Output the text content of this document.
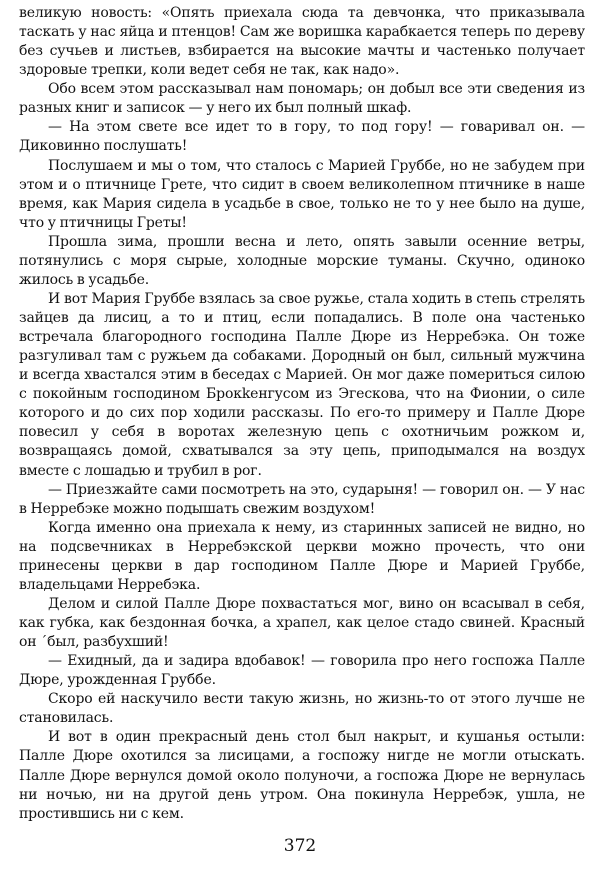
великую новость: «Опять приехала сюда та девчонка, что приказывала таскать у нас яйца и птенцов! Сам же воришка карабкается теперь по дереву без сучьев и листьев, взбирается на высокие мачты и частенько получает здоровые трепки, коли ведет себя не так, как надо».

Обо всем этом рассказывал нам пономарь; он добыл все эти сведения из разных книг и записок — у него их был полный шкаф.

— На этом свете все идет то в гору, то под гору! — говаривал он. — Диковинно послушать!

Послушаем и мы о том, что сталось с Марией Груббе, но не забудем при этом и о птичнице Грете, что сидит в своем великолепном птичнике в наше время, как Мария сидела в усадьбе в свое, только не то у нее было на душе, что у птичницы Греты!

Прошла зима, прошли весна и лето, опять завыли осенние ветры, потянулись с моря сырые, холодные морские туманы. Скучно, одиноко жилось в усадьбе.

И вот Мария Груббе взялась за свое ружье, стала ходить в степь стрелять зайцев да лисиц, а то и птиц, если попадались. В поле она частенько встречала благородного господина Палле Дюре из Нерребэка. Он тоже разгуливал там с ружьем да собаками. Дородный он был, сильный мужчина и всегда хвастался этим в беседах с Марией. Он мог даже помериться силою с покойным господином Брокkенгусом из Эгескова, что на Фионии, о силе которого и до сих пор ходили рассказы. По его-то примеру и Палле Дюре повесил у себя в воротах железную цепь с охотничьим рожком и, возвращаясь домой, схватывался за эту цепь, приподымался на воздух вместе с лошадью и трубил в рог.

— Приезжайте сами посмотреть на это, сударыня! — говорил он. — У нас в Нерребэке можно подышать свежим воздухом!

Когда именно она приехала к нему, из старинных записей не видно, но на подсвечниках в Нерребэкской церкви можно прочесть, что они принесены церкви в дар господином Палле Дюре и Марией Груббе, владельцами Нерребэка.

Делом и силой Палле Дюре похвастаться мог, вино он всасывал в себя, как губка, как бездонная бочка, а храпел, как целое стадо свиней. Красный он ´был, разбухший!

— Ехидный, да и задира вдобавок! — говорила про него госпожа Палле Дюре, урожденная Груббе.

Скоро ей наскучило вести такую жизнь, но жизнь-то от этого лучше не становилась.

И вот в один прекрасный день стол был накрыт, и кушанья остыли: Палле Дюре охотился за лисицами, а госпожу нигде не могли отыскать. Палле Дюре вернулся домой около полуночи, а госпожа Дюре не вернулась ни ночью, ни на другой день утром. Она покинула Нерребэк, ушла, не простившись ни с кем.

372
